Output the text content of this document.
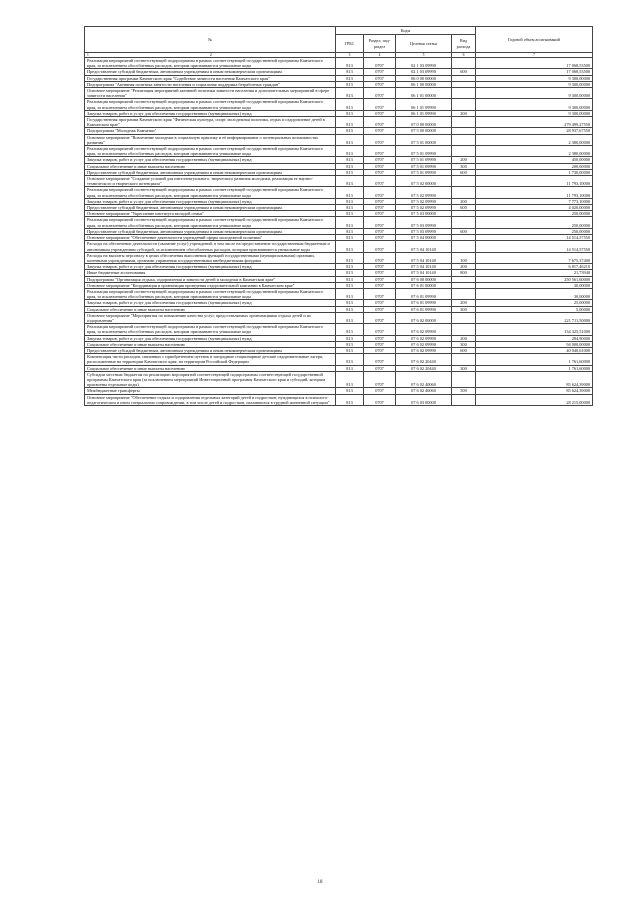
№	Коды				Годовой объем ассигнований
	ГРБС	Раздел, под-раздел	Целевая статья	Вид расхода	
1 2	3	4	5	6	7
Реализация мероприятий соответствующей подпрограммы в рамках соответствующей государственной программы Камчатского края, за исключением обособленных расходов, которым присваиваются уникальные коды	813	0707	02 1 03 09990		17 068,53500
Предоставление субсидий бюджетным, автономным учреждениям и иным некоммерческим организациям	813	0707	02 1 03 09990	600	17 068,53500
Государственная программа Камчатского края "Содействие занятости населения Камчатского края"	813	0707	06 0 00 00000		9 300,00000
Подпрограмма "Активная политика занятости населения и социальная поддержка безработных граждан"	813	0707	06 1 00 00000		9 300,00000
Основное мероприятие "Реализация мероприятий активной политики занятости населения и дополнительных мероприятий в сфере занятости населения"	813	0707	06 1 01 00000		9 300,00000
Реализация мероприятий соответствующей подпрограммы в рамках соответствующей государственной программы Камчатского края, за исключением обособленных расходов, которым присваиваются уникальные коды	813	0707	06 1 01 09990		9 300,00000
Закупка товаров, работ и услуг для обеспечения государственных (муниципальных) нужд	813	0707	06 1 01 09990	200	9 300,00000
Государственная программа Камчатского края "Физическая культура, спорт, молодежная политика, отдых и оздоровление детей в Камчатском крае"	813	0707	07 0 00 00000		279 499,27550
Подпрограмма "Молодежь Камчатки"	813	0707	07 5 00 00000		28 937,67550
Основное мероприятие "Вовлечение молодежи в социальную практику и её информирование о потенциальных возможностях развития"	813	0707	07 5 01 00000		2 380,00000
Реализация мероприятий соответствующей подпрограммы в рамках соответствующей государственной программы Камчатского края, за исключением обособленных расходов, которым присваиваются уникальные коды	813	0707	07 5 01 09990		2 380,00000
Закупка товаров, работ и услуг для обеспечения государственных (муниципальных) нужд	813	0707	07 5 01 09990	200	450,00000
Социальное обеспечение и иные выплаты населению	813	0707	07 5 01 09990	300	200,00000
Предоставление субсидий бюджетным, автономным учреждениям и иным некоммерческим организациям	813	0707	07 5 01 09990	600	1 730,00000
Основное мероприятие "Создание условий для интеллектуального, творческого развития молодежи, реализация ее научно-технического и творческого потенциала"	813	0707	07 5 02 00000		11 793,10000
Реализация мероприятий соответствующей подпрограммы в рамках соответствующей государственной программы Камчатского края, за исключением обособленных расходов, которым присваиваются уникальные коды	813	0707	07 5 02 09990		11 793,10000
Закупка товаров, работ и услуг для обеспечения государственных (муниципальных) нужд	813	0707	07 5 02 09990	200	7 773,10000
Предоставление субсидий бюджетным, автономным учреждениям и иным некоммерческим организациям	813	0707	07 5 02 09990	600	4 020,00000
Основное мероприятие "Укрепление института молодой семьи"	813	0707	07 5 03 00000		250,00000
Реализация мероприятий соответствующей подпрограммы в рамках соответствующей государственной программы Камчатского края, за исключением обособленных расходов, которым присваиваются уникальные коды	813	0707	07 5 03 09990		250,00000
Предоставление субсидий бюджетным, автономным учреждениям и иным некоммерческим организациям	813	0707	07 5 03 09990	600	250,00000
Основное мероприятие "Обеспечение деятельности учреждений сферы молодежной политики"	813	0707	07 5 04 00000		14 514,57550
Расходы на обеспечение деятельности (оказание услуг) учреждений, в том числе на предоставление государственным бюджетным и автономным учреждениям субсидий, за исключением обособленных расходов, которым присваиваются уникальные коды	813	0707	07 5 04 10140		14 514,57550
Расходы на выплаты персоналу в целях обеспечения выполнения функций государственными (муниципальными) органами, казенными учреждениями, органами управления государственными внебюджетными фондами	813	0707	07 5 04 10140	100	7 675,37400
Закупка товаров, работ и услуг для обеспечения государственных (муниципальных) нужд	813	0707	07 5 04 10140	200	6 817,46210
Иные бюджетные ассигнования	813	0707	07 5 04 10140	800	21,73940
Подпрограмма "Организация отдыха, оздоровления и занятости детей и молодежи в Камчатском крае"	813	0707	07 6 00 00000		250 561,60000
Основное мероприятие "Координация и организация проведения оздоровительной кампании в Камчатском крае"	813	0707	07 6 01 00000		30,00000
Реализация мероприятий соответствующей подпрограммы в рамках соответствующей государственной программы Камчатского края, за исключением обособленных расходов, которым присваиваются уникальные коды	813	0707	07 6 01 09990		30,00000
Закупка товаров, работ и услуг для обеспечения государственных (муниципальных) нужд	813	0707	07 6 01 09990	200	25,00000
Социальное обеспечение и иные выплаты населению	813	0707	07 6 01 09990	300	5,00000
Основное мероприятие "Мероприятия по повышению качества услуг, предоставляемых организациями отдыха детей и их оздоровления"	813	0707	07 6 02 00000		221 711,50000
Реализация мероприятий соответствующей подпрограммы в рамках соответствующей государственной программы Камчатского края, за исключением обособленных расходов, которым присваиваются уникальные коды	813	0707	07 6 02 09990		134 325,51000
Закупка товаров, работ и услуг для обеспечения государственных (муниципальных) нужд	813	0707	07 6 02 09990	200	284,90000
Социальное обеспечение и иные выплаты населению	813	0707	07 6 02 09990	300	94 000,00000
Предоставление субсидий бюджетным, автономным учреждениям и иным некоммерческим организациям	813	0707	07 6 02 09990	600	40 040,61000
Компенсация части расходов, связанных с приобретением путевок в загородные стационарные детские оздоровительные лагеря, расположенные на территории Камчатского края, на территории Российской Федерации	813	0707	07 6 02 20440		1 761,60000
Социальное обеспечение и иные выплаты населению	813	0707	07 6 02 20440	300	1 761,60000
Субсидии местным бюджетам на реализацию мероприятий соответствующей подпрограммы соответствующей государственной программы Камчатского края (за исключением мероприятий Инвестиционной программы Камчатского края и субсидий, которым присвоены отдельные коды)	813	0707	07 6 02 40060		85 624,39000
Межбюджетные трансферты	813	0707	07 6 02 40060	500	85 624,39000
Основное мероприятие "Обеспечение отдыха и оздоровления отдельных категорий детей и подростков, нуждающихся в психолого-педагогическом и ином специальном сопровождении, в том числе детей и подростков, оказавшихся в трудной жизненной ситуации"	813	0707	07 6 03 00000		28 215,00000
18
